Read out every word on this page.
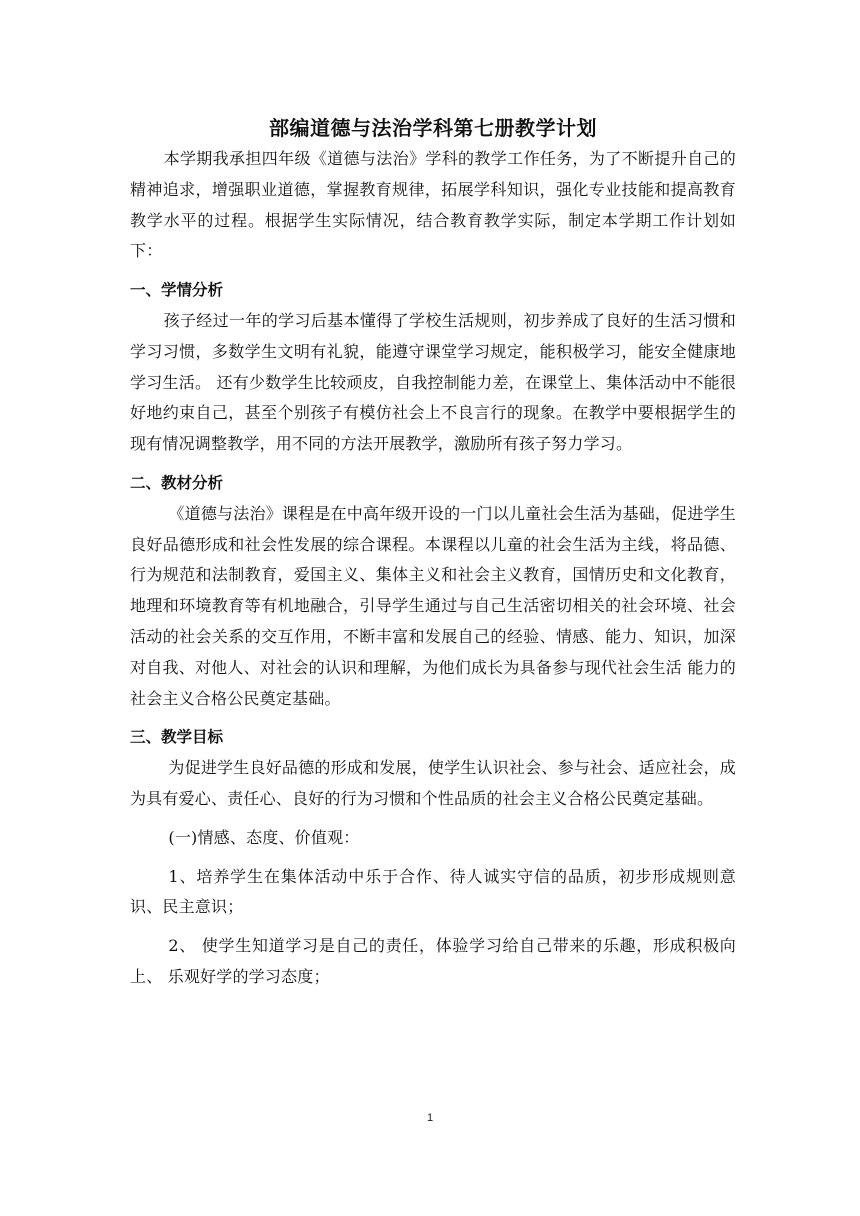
部编道德与法治学科第七册教学计划

本学期我承担四年级《道德与法治》学科的教学工作任务，为了不断提升自己的精神追求，增强职业道德，掌握教育规律，拓展学科知识，强化专业技能和提高教育教学水平的过程。根据学生实际情况，结合教育教学实际，制定本学期工作计划如下：

一、学情分析

孩子经过一年的学习后基本懂得了学校生活规则，初步养成了良好的生活习惯和学习习惯，多数学生文明有礼貌，能遵守课堂学习规定，能积极学习，能安全健康地学习生活。 还有少数学生比较顽皮，自我控制能力差，在课堂上、集体活动中不能很好地约束自己，甚至个别孩子有模仿社会上不良言行的现象。在教学中要根据学生的现有情况调整教学，用不同的方法开展教学，激励所有孩子努力学习。

二、教材分析

《道德与法治》课程是在中高年级开设的一门以儿童社会生活为基础，促进学生良好品德形成和社会性发展的综合课程。本课程以儿童的社会生活为主线，将品德、行为规范和法制教育，爱国主义、集体主义和社会主义教育，国情历史和文化教育，地理和环境教育等有机地融合，引导学生通过与自己生活密切相关的社会环境、社会活动的社会关系的交互作用，不断丰富和发展自己的经验、情感、能力、知识，加深对自我、对他人、对社会的认识和理解，为他们成长为具备参与现代社会生活 能力的社会主义合格公民奠定基础。

三、教学目标

为促进学生良好品德的形成和发展，使学生认识社会、参与社会、适应社会，成为具有爱心、责任心、良好的行为习惯和个性品质的社会主义合格公民奠定基础。

(一)情感、态度、价值观：

1、培养学生在集体活动中乐于合作、待人诚实守信的品质，初步形成规则意识、民主意识；

2、 使学生知道学习是自己的责任，体验学习给自己带来的乐趣，形成积极向上、 乐观好学的学习态度；

1
